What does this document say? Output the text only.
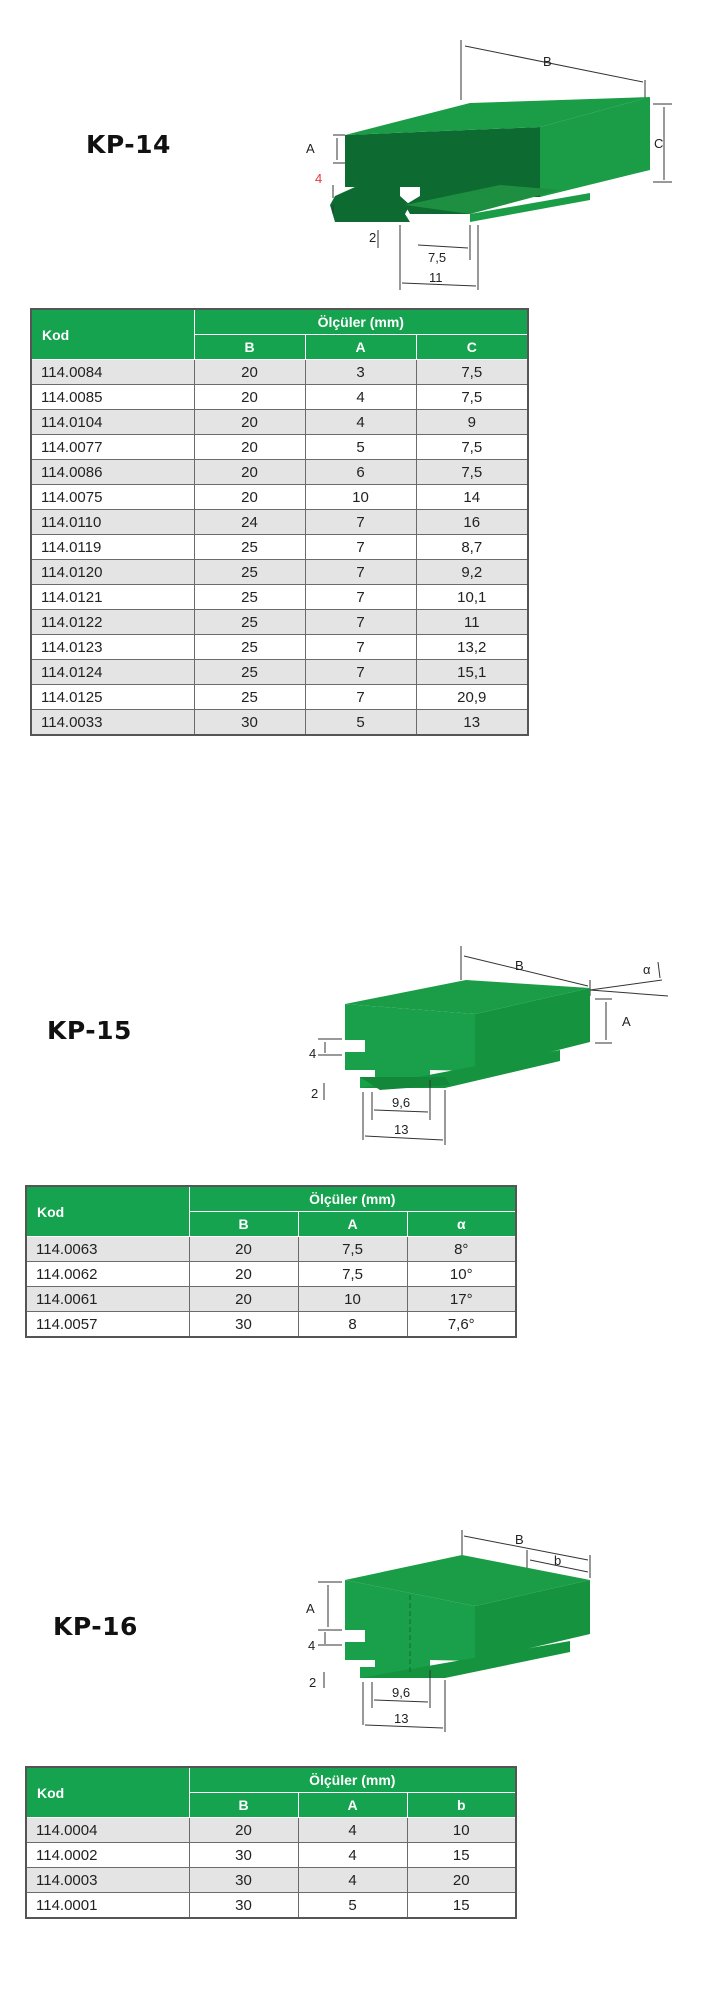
KP-14
B
C
A
4
2
7,5
11
Kod	Ölçüler (mm)		
	B	A	C
114.0084	20	3	7,5
114.0085	20	4	7,5
114.0104	20	4	9
114.0077	20	5	7,5
114.0086	20	6	7,5
114.0075	20	10	14
114.0110	24	7	16
114.0119	25	7	8,7
114.0120	25	7	9,2
114.0121	25	7	10,1
114.0122	25	7	11
114.0123	25	7	13,2
114.0124	25	7	15,1
114.0125	25	7	20,9
114.0033	30	5	13
KP-15
B	α
A
4
2
9,6
13
Kod	Ölçüler (mm)		
	B	A	α
114.0063	20	7,5	8°
114.0062	20	7,5	10°
114.0061	20	10	17°
114.0057	30	8	7,6°
KP-16
B
b
A
4
2
9,6
13
Kod	Ölçüler (mm)		
	B	A	b
114.0004	20	4	10
114.0002	30	4	15
114.0003	30	4	20
114.0001	30	5	15
